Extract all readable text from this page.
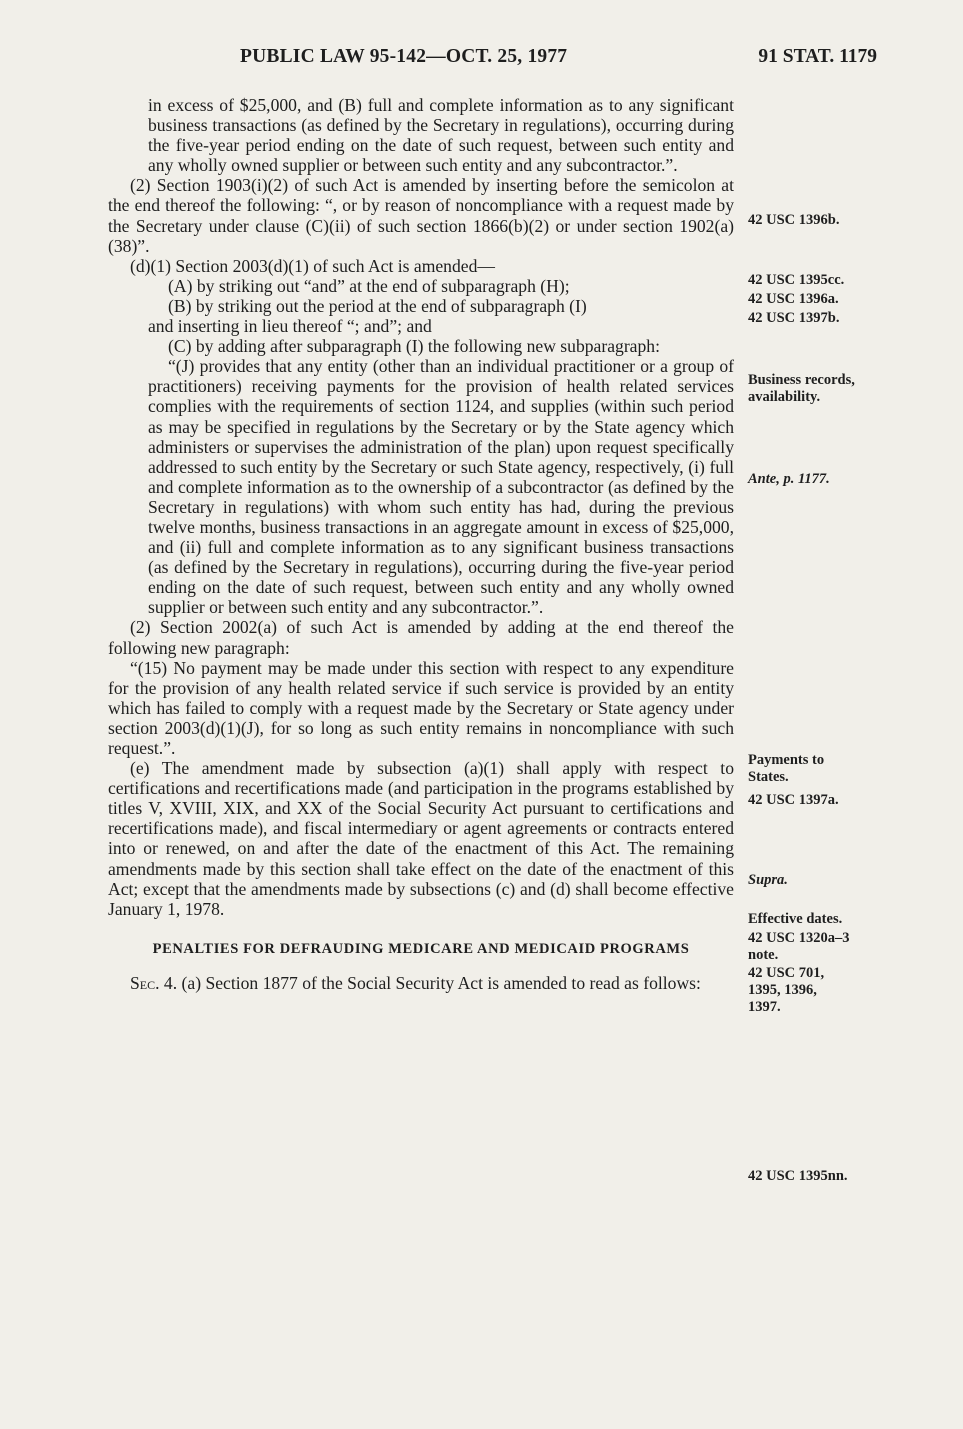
PUBLIC LAW 95-142—OCT. 25, 1977	91 STAT. 1179

in excess of $25,000, and (B) full and complete information as to any significant business transactions (as defined by the Secretary in regulations), occurring during the five-year period ending on the date of such request, between such entity and any wholly owned supplier or between such entity and any subcontractor.”.

(2) Section 1903(i)(2) of such Act is amended by inserting before the semicolon at the end thereof the following: “, or by reason of noncompliance with a request made by the Secretary under clause (C)(ii) of such section 1866(b)(2) or under section 1902(a)(38)”.

(d)(1) Section 2003(d)(1) of such Act is amended—

(A) by striking out “and” at the end of subparagraph (H);

(B) by striking out the period at the end of subparagraph (I)

and inserting in lieu thereof “; and”; and

(C) by adding after subparagraph (I) the following new subparagraph:

“(J) provides that any entity (other than an individual practitioner or a group of practitioners) receiving payments for the provision of health related services complies with the requirements of section 1124, and supplies (within such period as may be specified in regulations by the Secretary or by the State agency which administers or supervises the administration of the plan) upon request specifically addressed to such entity by the Secretary or such State agency, respectively, (i) full and complete information as to the ownership of a subcontractor (as defined by the Secretary in regulations) with whom such entity has had, during the previous twelve months, business transactions in an aggregate amount in excess of $25,000, and (ii) full and complete information as to any significant business transactions (as defined by the Secretary in regulations), occurring during the five-year period ending on the date of such request, between such entity and any wholly owned supplier or between such entity and any subcontractor.”.

(2) Section 2002(a) of such Act is amended by adding at the end thereof the following new paragraph:

“(15) No payment may be made under this section with respect to any expenditure for the provision of any health related service if such service is provided by an entity which has failed to comply with a request made by the Secretary or State agency under section 2003(d)(1)(J), for so long as such entity remains in noncompliance with such request.”.

(e) The amendment made by subsection (a)(1) shall apply with respect to certifications and recertifications made (and participation in the programs established by titles V, XVIII, XIX, and XX of the Social Security Act pursuant to certifications and recertifications made), and fiscal intermediary or agent agreements or contracts entered into or renewed, on and after the date of the enactment of this Act. The remaining amendments made by this section shall take effect on the date of the enactment of this Act; except that the amendments made by subsections (c) and (d) shall become effective January 1, 1978.

PENALTIES FOR DEFRAUDING MEDICARE AND MEDICAID PROGRAMS

Sec. 4. (a) Section 1877 of the Social Security Act is amended to read as follows:

42 USC 1396b.
42 USC 1395cc.
42 USC 1396a.
42 USC 1397b.
Business records, availability.
Ante, p. 1177.
Payments to States.
42 USC 1397a.
Supra.
Effective dates.
42 USC 1320a–3 note.
42 USC 701, 1395, 1396, 1397.
42 USC 1395nn.
